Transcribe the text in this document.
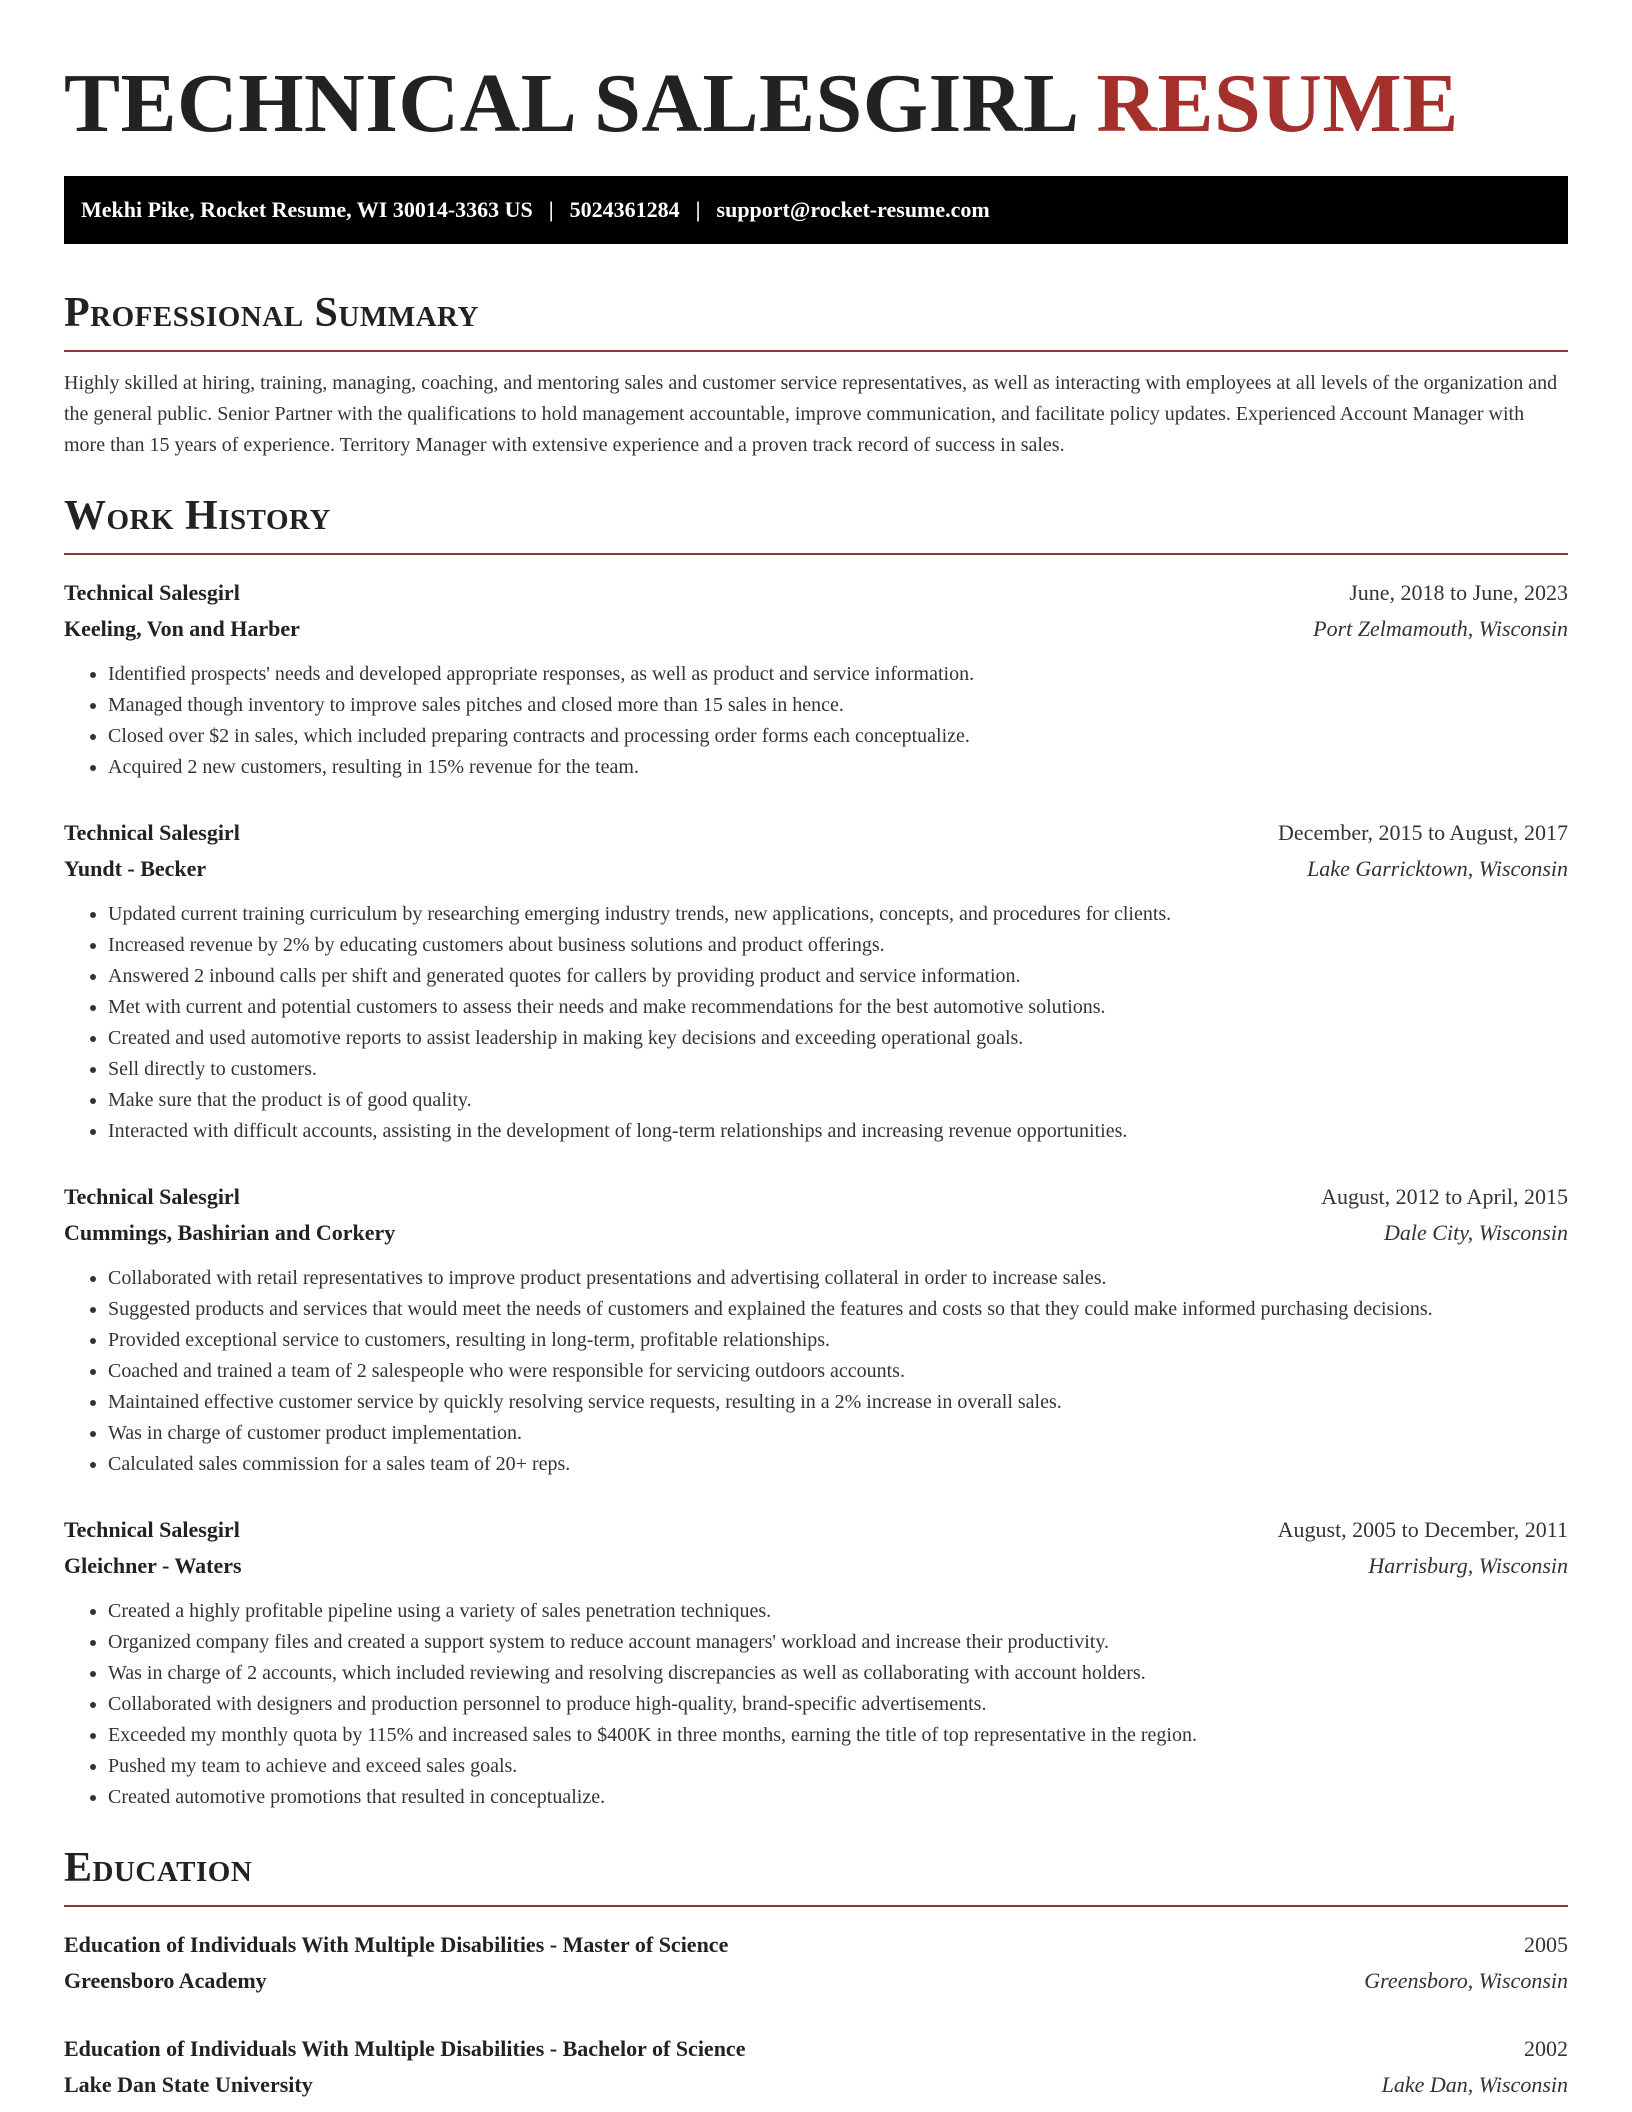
TECHNICAL SALESGIRL RESUME
Mekhi Pike, Rocket Resume, WI 30014-3363 US | 5024361284 | support@rocket-resume.com
Professional Summary

Highly skilled at hiring, training, managing, coaching, and mentoring sales and customer service representatives, as well as interacting with employees at all levels of the organization and the general public. Senior Partner with the qualifications to hold management accountable, improve communication, and facilitate policy updates. Experienced Account Manager with more than 15 years of experience. Territory Manager with extensive experience and a proven track record of success in sales.

Work History
Technical Salesgirl	June, 2018 to June, 2023
Keeling, Von and Harber	Port Zelmamouth, Wisconsin
• Identified prospects' needs and developed appropriate responses, as well as product and service information.
• Managed though inventory to improve sales pitches and closed more than 15 sales in hence.
• Closed over $2 in sales, which included preparing contracts and processing order forms each conceptualize.
• Acquired 2 new customers, resulting in 15% revenue for the team.
Technical Salesgirl	December, 2015 to August, 2017
Yundt - Becker	Lake Garricktown, Wisconsin
• Updated current training curriculum by researching emerging industry trends, new applications, concepts, and procedures for clients.
• Increased revenue by 2% by educating customers about business solutions and product offerings.
• Answered 2 inbound calls per shift and generated quotes for callers by providing product and service information.
• Met with current and potential customers to assess their needs and make recommendations for the best automotive solutions.
• Created and used automotive reports to assist leadership in making key decisions and exceeding operational goals.
• Sell directly to customers.
• Make sure that the product is of good quality.
• Interacted with difficult accounts, assisting in the development of long-term relationships and increasing revenue opportunities.
Technical Salesgirl	August, 2012 to April, 2015
Cummings, Bashirian and Corkery	Dale City, Wisconsin
• Collaborated with retail representatives to improve product presentations and advertising collateral in order to increase sales.
• Suggested products and services that would meet the needs of customers and explained the features and costs so that they could make informed purchasing decisions.
• Provided exceptional service to customers, resulting in long-term, profitable relationships.
• Coached and trained a team of 2 salespeople who were responsible for servicing outdoors accounts.
• Maintained effective customer service by quickly resolving service requests, resulting in a 2% increase in overall sales.
• Was in charge of customer product implementation.
• Calculated sales commission for a sales team of 20+ reps.
Technical Salesgirl	August, 2005 to December, 2011
Gleichner - Waters	Harrisburg, Wisconsin
• Created a highly profitable pipeline using a variety of sales penetration techniques.
• Organized company files and created a support system to reduce account managers' workload and increase their productivity.
• Was in charge of 2 accounts, which included reviewing and resolving discrepancies as well as collaborating with account holders.
• Collaborated with designers and production personnel to produce high-quality, brand-specific advertisements.
• Exceeded my monthly quota by 115% and increased sales to $400K in three months, earning the title of top representative in the region.
• Pushed my team to achieve and exceed sales goals.
• Created automotive promotions that resulted in conceptualize.
Education
Education of Individuals With Multiple Disabilities - Master of Science	2005
Greensboro Academy	Greensboro, Wisconsin
Education of Individuals With Multiple Disabilities - Bachelor of Science	2002
Lake Dan State University	Lake Dan, Wisconsin
